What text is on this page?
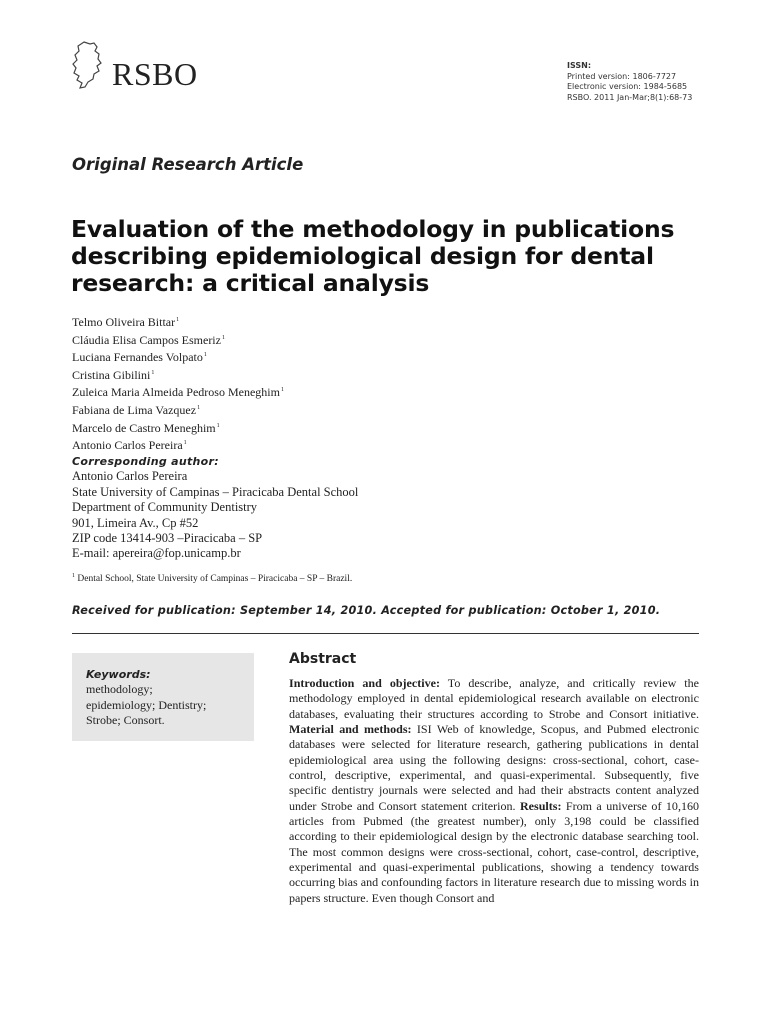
RSBO	ISSN:
Printed version: 1806-7727
Electronic version: 1984-5685
RSBO. 2011 Jan-Mar;8(1):68-73
Original Research Article
Evaluation of the methodology in publications
describing epidemiological design for dental
research: a critical analysis
Telmo Oliveira Bittar$^1$
Cláudia Elisa Campos Esmeriz$^1$
Luciana Fernandes Volpato$^1$
Cristina Gibilini$^1$
Zuleica Maria Almeida Pedroso Meneghim$^1$
Fabiana de Lima Vazquez$^1$
Marcelo de Castro Meneghim$^1$
Antonio Carlos Pereira$^1$
Corresponding author:
Antonio Carlos Pereira
State University of Campinas – Piracicaba Dental School
Department of Community Dentistry
901, Limeira Av., Cp #52
ZIP code 13414-903 –Piracicaba – SP
E-mail: apereira@fop.unicamp.br
$^1$ Dental School, State University of Campinas – Piracicaba – SP – Brazil.
Received for publication: September 14, 2010. Accepted for publication: October 1, 2010.
Keywords:
methodology;
epidemiology; Dentistry;
Strobe; Consort.
Abstract

Introduction and objective: To describe, analyze, and critically review the methodology employed in dental epidemiological research available on electronic databases, evaluating their structures according to Strobe and Consort initiative. Material and methods: ISI Web of knowledge, Scopus, and Pubmed electronic databases were selected for literature research, gathering publications in dental epidemiological area using the following designs: cross-sectional, cohort, case-control, descriptive, experimental, and quasi-experimental. Subsequently, five specific dentistry journals were selected and had their abstracts content analyzed under Strobe and Consort statement criterion. Results: From a universe of 10,160 articles from Pubmed (the greatest number), only 3,198 could be classified according to their epidemiological design by the electronic database searching tool. The most common designs were cross-sectional, cohort, case-control, descriptive, experimental and quasi-experimental publications, showing a tendency towards occurring bias and confounding factors in literature research due to missing words in papers structure. Even though Consort and
